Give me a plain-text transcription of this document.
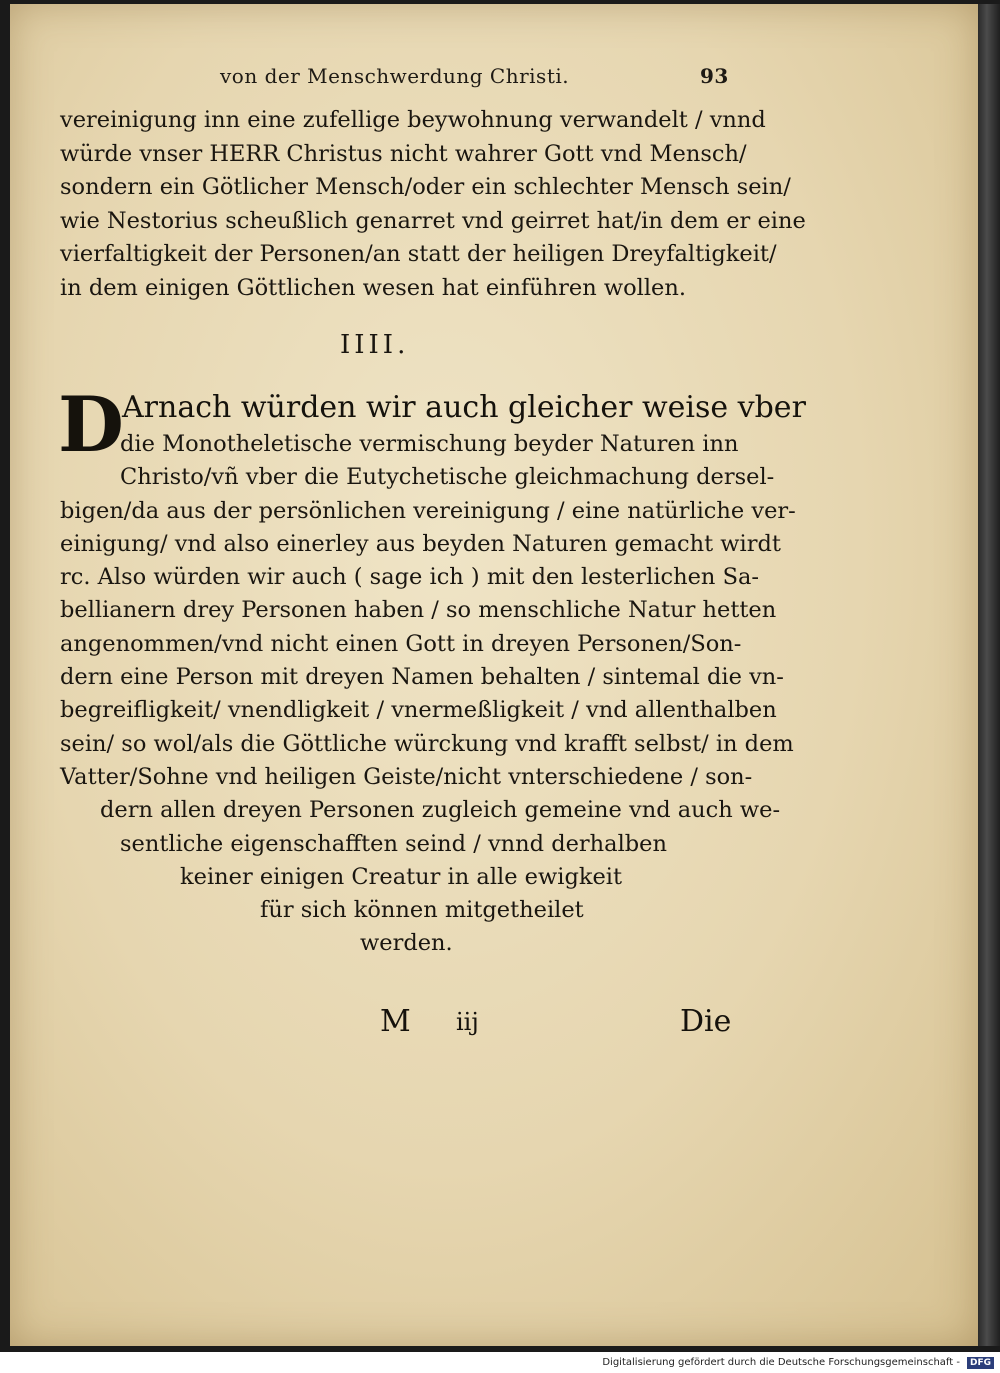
von der Menschwerdung Christi.	93
vereinigung inn eine zufellige beywohnung verwandelt / vnnd
würde vnser HERR Christus nicht wahrer Gott vnd Mensch/
sondern ein Götlicher Mensch/oder ein schlechter Mensch sein/
wie Nestorius scheußlich genarret vnd geirret hat/in dem er eine
vierfaltigkeit der Personen/an statt der heiligen Dreyfaltigkeit/
in dem einigen Göttlichen wesen hat einführen wollen.
IIII.
D
Arnach würden wir auch gleicher weise vber
die Monotheletische vermischung beyder Naturen inn
Christo/vñ vber die Eutychetische gleichmachung dersel-
bigen/da aus der persönlichen vereinigung / eine natürliche ver-
einigung/ vnd also einerley aus beyden Naturen gemacht wirdt
rc. Also würden wir auch ( sage ich ) mit den lesterlichen Sa-
bellianern drey Personen haben / so menschliche Natur hetten
angenommen/vnd nicht einen Gott in dreyen Personen/Son-
dern eine Person mit dreyen Namen behalten / sintemal die vn-
begreifligkeit/ vnendligkeit / vnermeßligkeit / vnd allenthalben
sein/ so wol/als die Göttliche würckung vnd krafft selbst/ in dem
Vatter/Sohne vnd heiligen Geiste/nicht vnterschiedene / son-
dern allen dreyen Personen zugleich gemeine vnd auch we-
sentliche eigenschafften seind / vnnd derhalben
keiner einigen Creatur in alle ewigkeit
für sich können mitgetheilet
werden.
M iij	Die
Digitalisierung gefördert durch die Deutsche Forschungsgemeinschaft -	DFG
